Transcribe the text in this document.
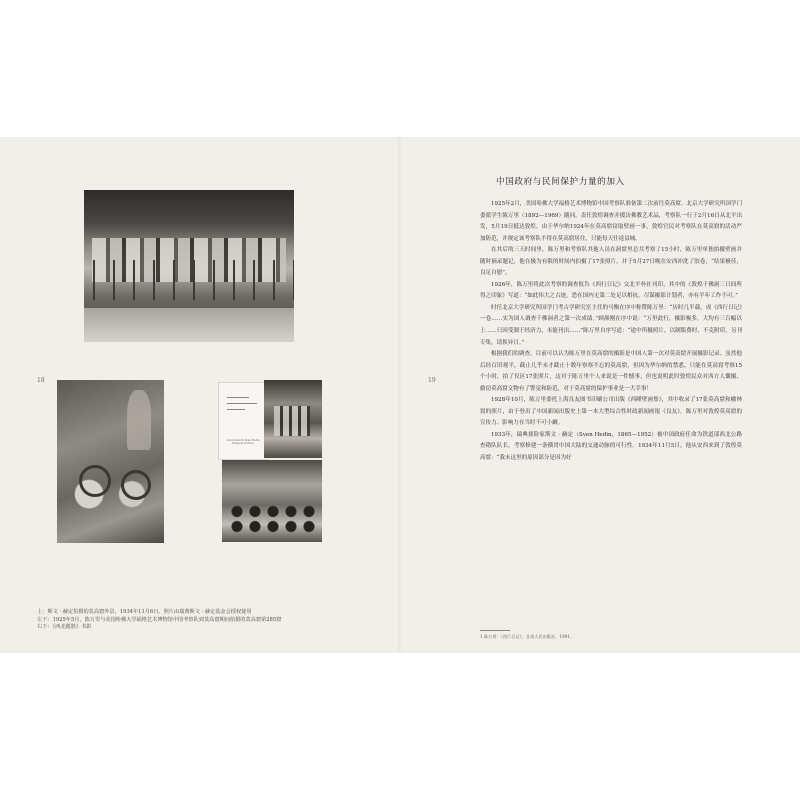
Aurel Stein & Sven Hedin Museum Archive
18
上：斯文 · 赫定拍摄的莫高窟外景，1934年11月6日，照片由瑞典斯文 · 赫定基金会授权使用
左下：1925年5月，陈万里与美国哈佛大学福格艺术博物馆中国考察队到莫高窟期间拍摄的莫高窟第285窟
右下：《西北揽胜》书影
19
中国政府与民间保护力量的加入

1925年2月，美国哈佛大学福格艺术博物馆中国考察队准备第二次前往莫高窟。北京大学研究所国学门委派学生陈万里（1892—1969）随同，责任敦煌调查并援访佛教艺术品，考察队一行于2月16日从北平出发，5月19日抵达敦煌。由于华尔纳1924年在莫高窟窃取壁画一事，敦煌官民对考察队在莫高窟的活动严加防范，并规定该考察队不得在莫高窟居住，只能每天往返县城。

在其后的三天时间里，陈万里和考察队其他人员在洞窟里总共考察了15小时，陈万里单独拍摄壁画并随时摘录题记，他在极为有限的时间内拍摄了17张照片，并于5月27日晚在安西冲洗了胶卷，“结果极佳，良足自慰”。

1926年，陈万里将此次考察的调查报告《西行日记》交北平朴社刊印，其中的《敦煌千佛洞三日间所得之印象》写道：“如此伟大之古迹，恐在国内无第二处足以相抗，尽谋摄影计划者，亦有半年工作不可。”

时任北京大学研究所国学门考古学研究室主任的马衡在序中称赞陈万里：“历时几半载，成《西行日记》一卷……实为国人调查千佛洞者之第一次成绩。”顾颉刚在序中说：“万里此行，摄影极多，大均有三百幅以上……只因受制于经济力，未能刊出……”陈万里自序写道：“途中所摄照片，以制版费时，不克附印，另刊专集，请俟异日。”

根据我们的调查，目前可以认为陈万里在莫高窟的摄影是中国人第一次对莫高窟开展摄影记录。虽然他后经百旧观半，截止几乎未才截止十数年察察不忘的莫高窟，但因为华尔纳的禁悉，只能在莫高窟考察15个小时，拍了仅区17张照片，这对于陈万里个人来说是一件憾事，但也说明此时敦煌民众对西方人囊摄、偷窃莫高窟文物有了警觉和防范，对于莫高窟的保护事业是一大幸事！

1928年10月，陈万里委托上海良友图书印刷公司出版《西陲壁画集》，其中收录了17张莫高窟和榆林窟的照片，由于登出了中国新闻出版史上第一本大型综合性时政新闻画报《良友》，陈万里对敦煌莫高窟的宣传力、影响力在当时不可小觑。

1933年，瑞典探险家斯文 · 赫定（Sven Hedin，1865—1952）被中国政府任命为铁道部西北公路查勘队队长，考察修建一条横贯中国大陆的交通动脉的可行性。1934年11月5日，他从安西来到了敦煌莫高窟：“我未这里的原因部分是因为好

1 陈万里：《西行日记》，甘肃人民出版社，1991。
